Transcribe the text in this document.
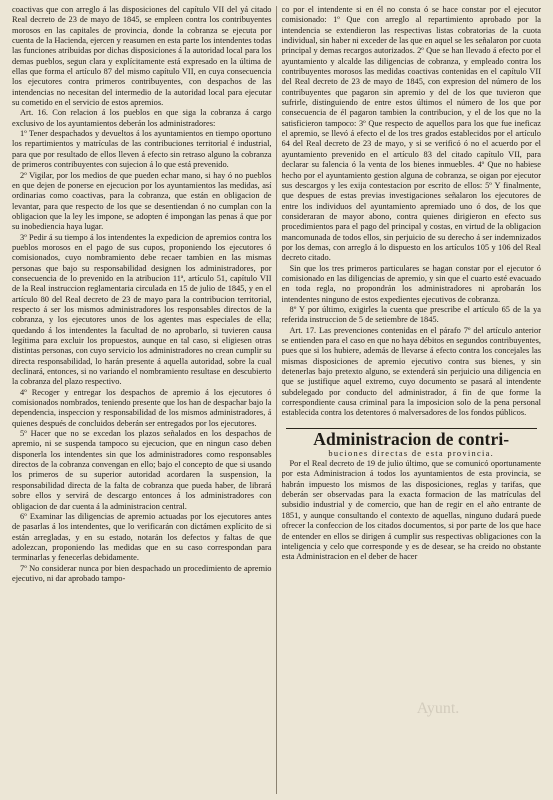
coactivas que con arreglo á las disposiciones del capítulo VII del yá citado Real decreto de 23 de mayo de 1845, se empleen contra los contribuyentes morosos en las capitales de provincia, donde la cobranza se ejecuta por cuenta de la Hacienda, ejercen y reasumen en esta parte los intendentes todas las funciones atribuidas por dichas disposiciones á la autoridad local para los demas pueblos, segun clara y explícitamente está expresado en la última de ellas que forma el artículo 87 del mismo capítulo VII, en cuya consecuencia los ejecutores contra primeros contribuyentes, con despachos de las intendencias no necesitan del intermedio de la autoridad local para ejecutar su cometido en el servicio de estos apremios.

Art. 16. Con relacion á los pueblos en que siga la cobranza á cargo exclusivo de los ayuntamientos deberán los administradores:

1º Tener despachados y devueltos á los ayuntamientos en tiempo oportuno los repartimientos y matrículas de las contribuciones territorial é industrial, para que por resultado de ellos lleven á efecto sin retraso alguno la cobranza de primeros contribuyentes con sujecion á lo que está prevenido.

2º Vigilar, por los medios de que pueden echar mano, si hay ó no pueblos en que dejen de ponerse en ejecucion por los ayuntamientos las medidas, así ordinarias como coactivas, para la cobranza, que están en obligacion de levantar, para que respecto de los que se desentiendan ó no cumplan con la obligacion que la ley les impone, se adopten é impongan las penas á que por su inobediencia haya lugar.

3º Pedir á su tiempo á los intendentes la expedicion de apremios contra los pueblos morosos en el pago de sus cupos, proponiendo los ejecutores ó comisionados, cuyo nombramiento debe recaer tambien en las mismas personas que bajo su responsabilidad designen los administradores, por consecuencia de lo prevenido en la atribucion 11ª, artículo 51, capítulo VII de la Real instruccion reglamentaria circulada en 15 de julio de 1845, y en el artículo 80 del Real decreto de 23 de mayo para la contribucion territorial, respecto á ser los mismos administradores los responsables directos de la cobranza, y los ejecutores unos de los agentes mas especiales de ella; quedando á los intendentes la facultad de no aprobarlo, si tuvieren causa legítima para excluir los propuestos, aunque en tal caso, si eligiesen otras distintas personas, con cuyo servicio los administradores no crean cumplir su directa responsabilidad, lo harán presente á aquella autoridad, sobre la cual declinará, entonces, si no variando el nombramiento resultase en descubierto la cobranza del plazo respectivo.

4º Recoger y entregar los despachos de apremio á los ejecutores ó comisionados nombrados, teniendo presente que los han de despachar bajo la dependencia, inspeccion y responsabilidad de los mismos administradores, á quienes después de concluidos deberán ser entregados por los ejecutores.

5º Hacer que no se excedan los plazos señalados en los despachos de apremio, ni se suspenda tampoco su ejecucion, que en ningun caso deben disponerla los intendentes sin que los administradores como responsables directos de la cobranza convengan en ello; bajo el concepto de que si usando los primeros de su superior autoridad acordaren la suspension, la responsabilidad directa de la falta de cobranza que pueda haber, de librará sobre ellos y servirá de descargo entonces á los administradores con obligacion de dar cuenta á la administracion central.

6º Examinar las diligencias de apremio actuadas por los ejecutores antes de pasarlas á los intendentes, que lo verificarán con dictámen explícito de si están arregladas, y en su estado, notarán los defectos y faltas de que adolezcan, proponiendo las medidas que en su caso correspondan para terminarlas y fenecerlas debidamente.

7º No considerar nunca por bien despachado un procedimiento de apremio ejecutivo, ni dar aprobado tampo-

co por el intendente si en él no consta ó se hace constar por el ejecutor comisionado: 1º Que con arreglo al repartimiento aprobado por la intendencia se extendieron las respectivas listas cobratorias de la cuota individual, sin haber ni exceder de las que en aquel se les señalaron por cuota principal y demas recargos autorizados. 2º Que se han llevado á efecto por el ayuntamiento y alcalde las diligencias de cobranza, y empleado contra los contribuyentes morosos las medidas coactivas contenidas en el capítulo VII del Real decreto de 23 de mayo de 1845, con expresion del número de los contribuyentes que pagaron sin apremio y del de los que tuvieron que sufrirle, distinguiendo de entre estos últimos el número de los que por consecuencia de él pagaron tambien la contribucion, y el de los que no la satisficieron tampoco: 3º Que respecto de aquellos para los que fue ineficaz el apremio, se llevó á efecto el de los tres grados establecidos por el artículo 64 del Real decreto de 23 de mayo, y si se verificó ó no el acuerdo por el ayuntamiento prevenido en el artículo 83 del citado capítulo VII, para declarar su falencia ó la venta de los bienes inmuebles. 4º Que no habiese hecho por el ayuntamiento gestion alguna de cobranza, se oigan por ejecutor sus descargos y les exija contestacion por escrito de ellos: 5º Y finalmente, que despues de estas previas investigaciones señalaron los ejecutores de entre los individuos del ayuntamiento apremiado uno ó dos, de los que consideraran de mayor abono, contra quienes dirigieron en efecto sus procedimientos para el pago del principal y costas, en virtud de la obligacion mancomunada de todos ellos, sin perjuicio de su derecho á ser indemnizados por los demas, con arreglo á lo dispuesto en los artículos 105 y 106 del Real decreto citado.

Sin que los tres primeros particulares se hagan constar por el ejecutor ó comisionado en las diligencias de apremio, y sin que el cuarto esté evacuado en toda regla, no propondrán los administradores ni aprobarán los intendentes ninguno de estos expedientes ejecutivos de cobranza.

8º Y por último, exigirles la cuenta que prescribe el artículo 65 de la ya referida instruccion de 5 de setiembre de 1845.

Art. 17. Las prevenciones contenidas en el párafo 7º del artículo anterior se entienden para el caso en que no haya débitos en segundos contribuyentes, pues que si los hubiere, además de llevarse á efecto contra los concejales las mismas disposiciones de apremio ejecutivo contra sus bienes, y sin detenerlas bajo pretexto alguno, se extenderá sin perjuicio una diligencia en que se justifique aquel extremo, cuyo documento se pasará al intendente subdelegado por conducto del administrador, á fin de que forme la correspondiente causa criminal para la imposicion solo de la pena personal establecida contra los detentores ó malversadores de los fondos públicos.

Administracion de contri-

buciones directas de esta provincia.

Por el Real decreto de 19 de julio último, que se comunicó oportunamente por esta Administracion á todos los ayuntamientos de esta provincia, se habrán impuesto los mismos de las disposiciones, reglas y tarifas, que deberán ser observadas para la exacta formacion de las matrículas del subsidio industrial y de comercio, que han de regir en el año entrante de 1851, y aunque consultando el contexto de aquellas, ninguno dudará puede ofrecer la confeccion de los citados documentos, si por parte de los que hace de entender en ellos se dirigen á cumplir sus respectivas obligaciones con la inteligencia y celo que corresponde y es de desear, se ha creido no obstante esta Administracion en el deber de hacer

Ayunt.
